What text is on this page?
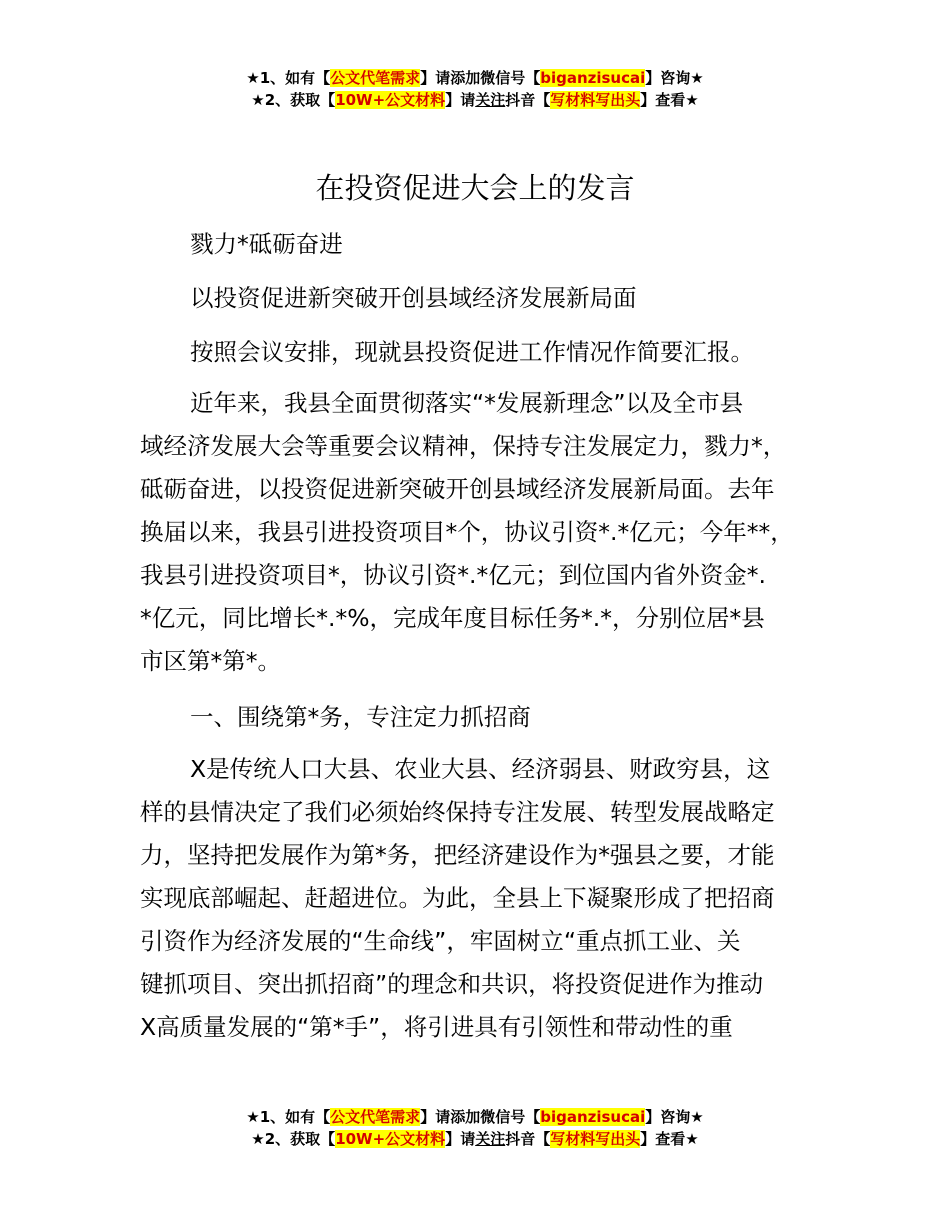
★1、如有【公文代笔需求】请添加微信号【biganzisucai】咨询★
★2、获取【10W+公文材料】请关注抖音【写材料写出头】查看★
在投资促进大会上的发言

戮力*砥砺奋进

以投资促进新突破开创县域经济发展新局面

按照会议安排，现就县投资促进工作情况作简要汇报。

近年来，我县全面贯彻落实“*发展新理念”以及全市县
域经济发展大会等重要会议精神，保持专注发展定力，戮力*，
砥砺奋进，以投资促进新突破开创县域经济发展新局面。去年
换届以来，我县引进投资项目*个，协议引资*.*亿元；今年**，
我县引进投资项目*，协议引资*.*亿元；到位国内省外资金*.
*亿元，同比增长*.*%，完成年度目标任务*.*，分别位居*县
市区第*第*。

一、围绕第*务，专注定力抓招商

X是传统人口大县、农业大县、经济弱县、财政穷县，这
样的县情决定了我们必须始终保持专注发展、转型发展战略定
力，坚持把发展作为第*务，把经济建设作为*强县之要，才能
实现底部崛起、赶超进位。为此，全县上下凝聚形成了把招商
引资作为经济发展的“生命线”，牢固树立“重点抓工业、关
键抓项目、突出抓招商”的理念和共识，将投资促进作为推动
X高质量发展的“第*手”，将引进具有引领性和带动性的重

★1、如有【公文代笔需求】请添加微信号【biganzisucai】咨询★
★2、获取【10W+公文材料】请关注抖音【写材料写出头】查看★
